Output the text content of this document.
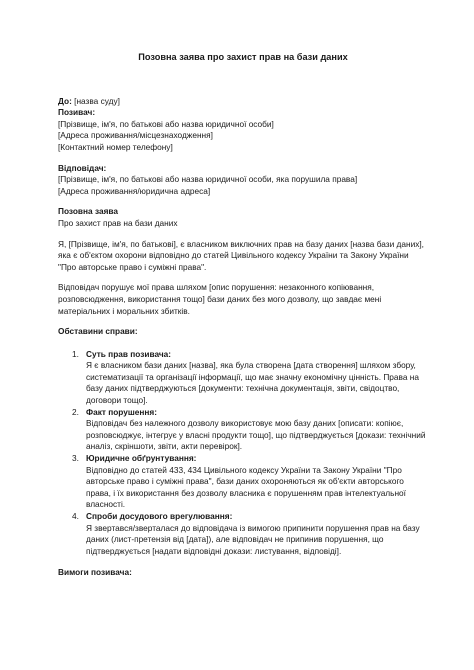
Позовна заява про захист прав на бази даних
До: [назва суду]
Позивач:
[Прізвище, ім'я, по батькові або назва юридичної особи]
[Адреса проживання/місцезнаходження]
[Контактний номер телефону]
Відповідач:
[Прізвище, ім'я, по батькові або назва юридичної особи, яка порушила права]
[Адреса проживання/юридична адреса]
Позовна заява
Про захист прав на бази даних

Я, [Прізвище, ім'я, по батькові], є власником виключних прав на базу даних [назва бази даних], яка є об'єктом охорони відповідно до статей Цивільного кодексу України та Закону України "Про авторське право і суміжні права".

Відповідач порушує мої права шляхом [опис порушення: незаконного копіювання, розповсюдження, використання тощо] бази даних без мого дозволу, що завдає мені матеріальних і моральних збитків.

Обставини справи:
1. Суть прав позивача:
Я є власником бази даних [назва], яка була створена [дата створення] шляхом збору, систематизації та організації інформації, що має значну економічну цінність. Права на базу даних підтверджуються [документи: технічна документація, звіти, свідоцтво, договори тощо].
2. Факт порушення:
Відповідач без належного дозволу використовує мою базу даних [описати: копіює, розповсюджує, інтегрує у власні продукти тощо], що підтверджується [докази: технічний аналіз, скріншоти, звіти, акти перевірок].
3. Юридичне обґрунтування:
Відповідно до статей 433, 434 Цивільного кодексу України та Закону України "Про авторське право і суміжні права", бази даних охороняються як об'єкти авторського права, і їх використання без дозволу власника є порушенням прав інтелектуальної власності.
4. Спроби досудового врегулювання:
Я звертався/зверталася до відповідача із вимогою припинити порушення прав на базу даних (лист-претензія від [дата]), але відповідач не припинив порушення, що підтверджується [надати відповідні докази: листування, відповіді].
Вимоги позивача:
